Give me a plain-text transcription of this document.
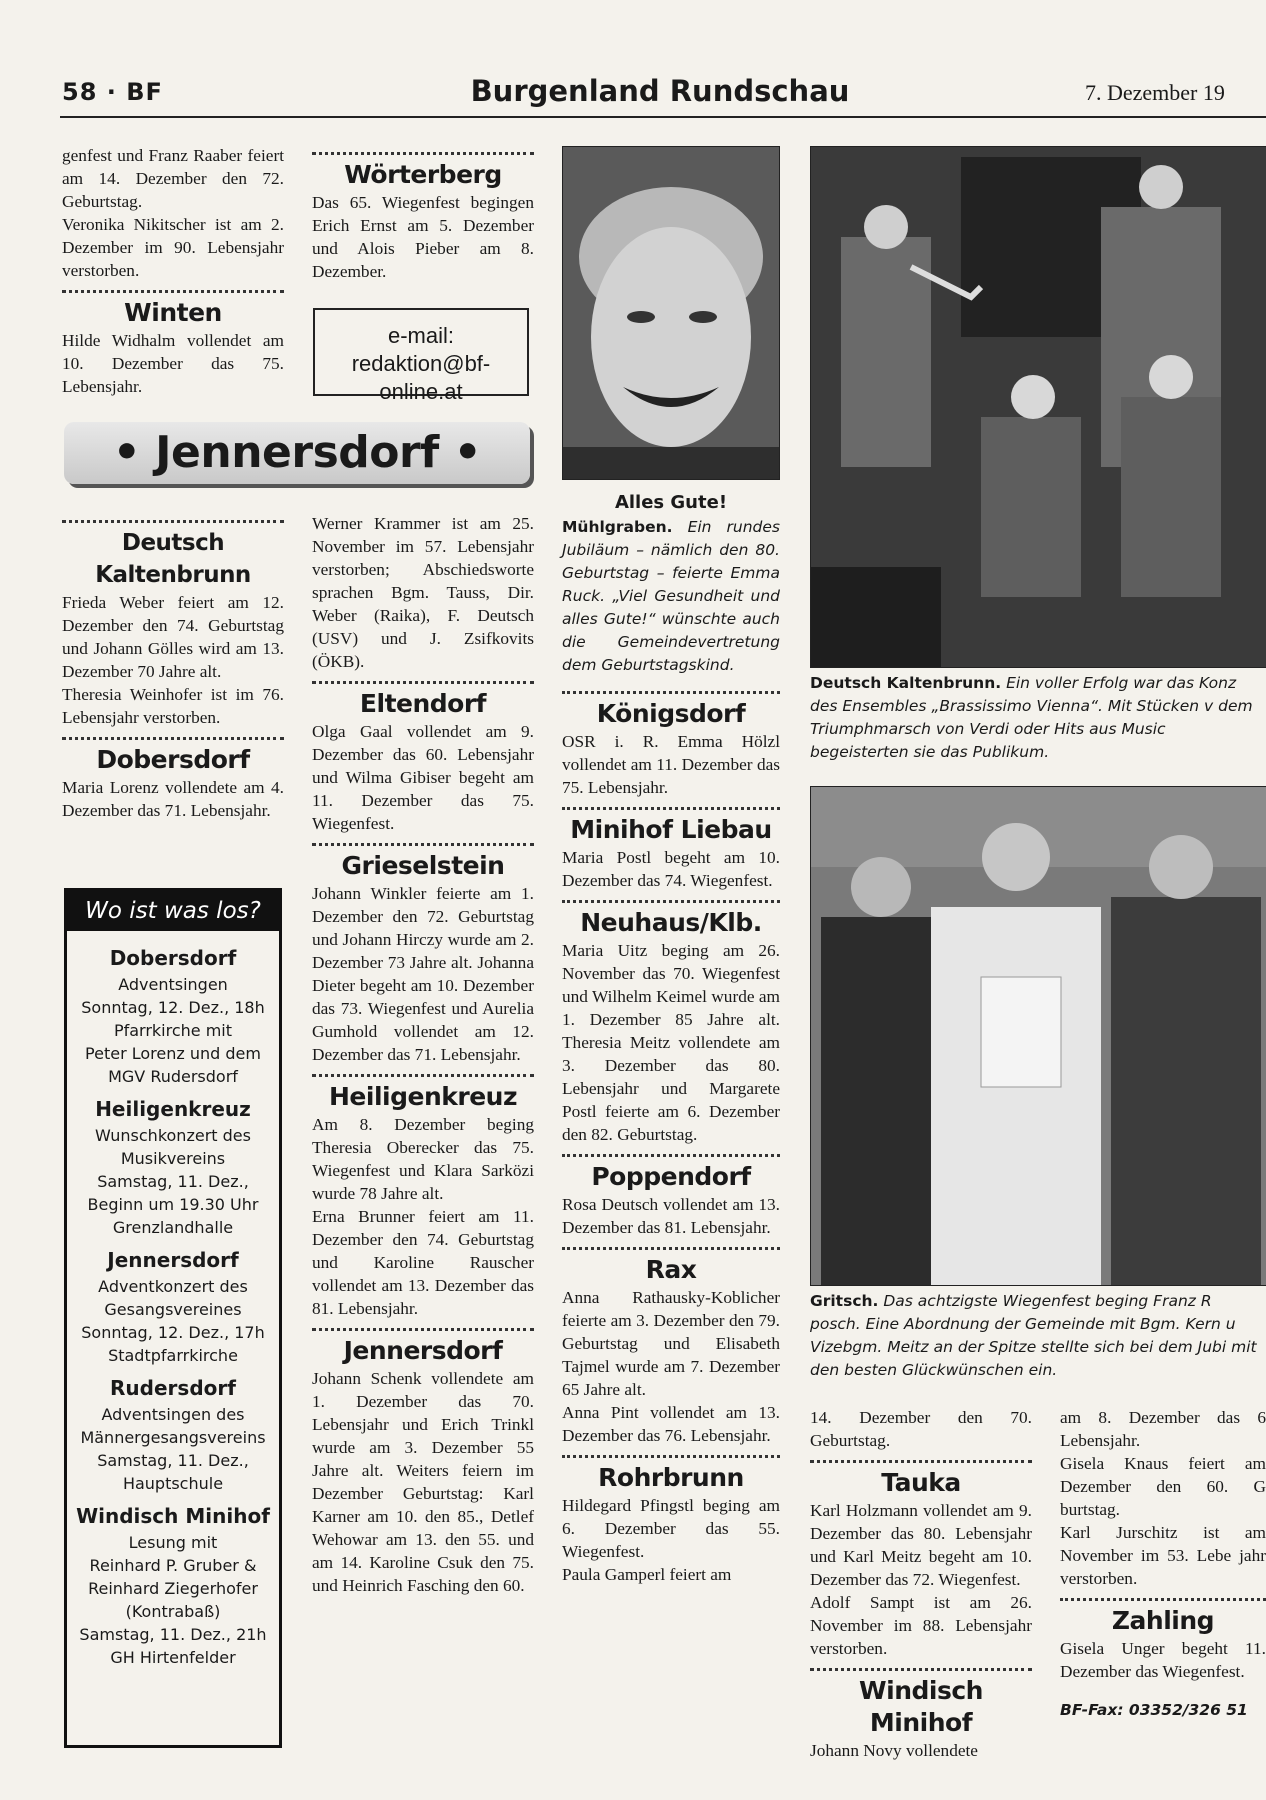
58 · BF	Burgenland Rundschau	7. Dezember 19

genfest und Franz Raaber feiert am 14. Dezember den 72. Geburtstag.

Veronika Nikitscher ist am 2. Dezember im 90. Lebensjahr verstorben.

Winten

Hilde Widhalm vollendet am 10. Dezember das 75. Lebensjahr.

Wörterberg

Das 65. Wiegenfest begingen Erich Ernst am 5. Dezember und Alois Pieber am 8. Dezember.

e-mail:
redaktion@bf-online.at
• Jennersdorf •
Deutsch Kaltenbrunn

Frieda Weber feiert am 12. Dezember den 74. Geburtstag und Johann Gölles wird am 13. Dezember 70 Jahre alt.

Theresia Weinhofer ist im 76. Lebensjahr verstorben.

Dobersdorf

Maria Lorenz vollendete am 4. Dezember das 71. Lebensjahr.

Wo ist was los?
Dobersdorf
Adventsingen
Sonntag, 12. Dez., 18h
Pfarrkirche mit
Peter Lorenz und dem
MGV Rudersdorf
Heiligenkreuz
Wunschkonzert des
Musikvereins
Samstag, 11. Dez.,
Beginn um 19.30 Uhr
Grenzlandhalle
Jennersdorf
Adventkonzert des
Gesangsvereines
Sonntag, 12. Dez., 17h
Stadtpfarrkirche
Rudersdorf
Adventsingen des
Männergesangsvereins
Samstag, 11. Dez.,
Hauptschule
Windisch Minihof
Lesung mit
Reinhard P. Gruber &
Reinhard Ziegerhofer
(Kontrabaß)
Samstag, 11. Dez., 21h
GH Hirtenfelder

Werner Krammer ist am 25. November im 57. Lebensjahr verstorben; Abschiedsworte sprachen Bgm. Tauss, Dir. Weber (Raika), F. Deutsch (USV) und J. Zsifkovits (ÖKB).

Eltendorf

Olga Gaal vollendet am 9. Dezember das 60. Lebensjahr und Wilma Gibiser begeht am 11. Dezember das 75. Wiegenfest.

Grieselstein

Johann Winkler feierte am 1. Dezember den 72. Geburtstag und Johann Hirczy wurde am 2. Dezember 73 Jahre alt. Johanna Dieter begeht am 10. Dezember das 73. Wiegenfest und Aurelia Gumhold vollendet am 12. Dezember das 71. Lebensjahr.

Heiligenkreuz

Am 8. Dezember beging Theresia Oberecker das 75. Wiegenfest und Klara Sarközi wurde 78 Jahre alt.

Erna Brunner feiert am 11. Dezember den 74. Geburtstag und Karoline Rauscher vollendet am 13. Dezember das 81. Lebensjahr.

Jennersdorf

Johann Schenk vollendete am 1. Dezember das 70. Lebensjahr und Erich Trinkl wurde am 3. Dezember 55 Jahre alt. Weiters feiern im Dezember Geburtstag: Karl Karner am 10. den 85., Detlef Wehowar am 13. den 55. und am 14. Karoline Csuk den 75. und Heinrich Fasching den 60.

Alles Gute!
Mühlgraben. Ein rundes Jubiläum – nämlich den 80. Geburtstag – feierte Emma Ruck. „Viel Gesundheit und alles Gute!“ wünschte auch die Gemeindevertretung dem Geburtstagskind.
Königsdorf

OSR i. R. Emma Hölzl vollendet am 11. Dezember das 75. Lebensjahr.

Minihof Liebau

Maria Postl begeht am 10. Dezember das 74. Wiegenfest.

Neuhaus/Klb.

Maria Uitz beging am 26. November das 70. Wiegenfest und Wilhelm Keimel wurde am 1. Dezember 85 Jahre alt. Theresia Meitz vollendete am 3. Dezember das 80. Lebensjahr und Margarete Postl feierte am 6. Dezember den 82. Geburtstag.

Poppendorf

Rosa Deutsch vollendet am 13. Dezember das 81. Lebensjahr.

Rax

Anna Rathausky-Koblicher feierte am 3. Dezember den 79. Geburtstag und Elisabeth Tajmel wurde am 7. Dezember 65 Jahre alt.

Anna Pint vollendet am 13. Dezember das 76. Lebensjahr.

Rohrbrunn

Hildegard Pfingstl beging am 6. Dezember das 55. Wiegenfest.

Paula Gamperl feiert am

Deutsch Kaltenbrunn. Ein voller Erfolg war das Konz des Ensembles „Brassissimo Vienna“. Mit Stücken v dem Triumphmarsch von Verdi oder Hits aus Music begeisterten sie das Publikum.
Gritsch. Das achtzigste Wiegenfest beging Franz R posch. Eine Abordnung der Gemeinde mit Bgm. Kern u Vizebgm. Meitz an der Spitze stellte sich bei dem Jubi mit den besten Glückwünschen ein.

14. Dezember den 70. Geburtstag.

Tauka

Karl Holzmann vollendet am 9. Dezember das 80. Lebensjahr und Karl Meitz begeht am 10. Dezember das 72. Wiegenfest.

Adolf Sampt ist am 26. November im 88. Lebensjahr verstorben.

Windisch Minihof

Johann Novy vollendete

am 8. Dezember das 6 Lebensjahr.

Gisela Knaus feiert am Dezember den 60. G burtstag.

Karl Jurschitz ist am November im 53. Lebe jahr verstorben.

Zahling

Gisela Unger begeht 11. Dezember das Wiegenfest.

BF-Fax: 03352/326 51
